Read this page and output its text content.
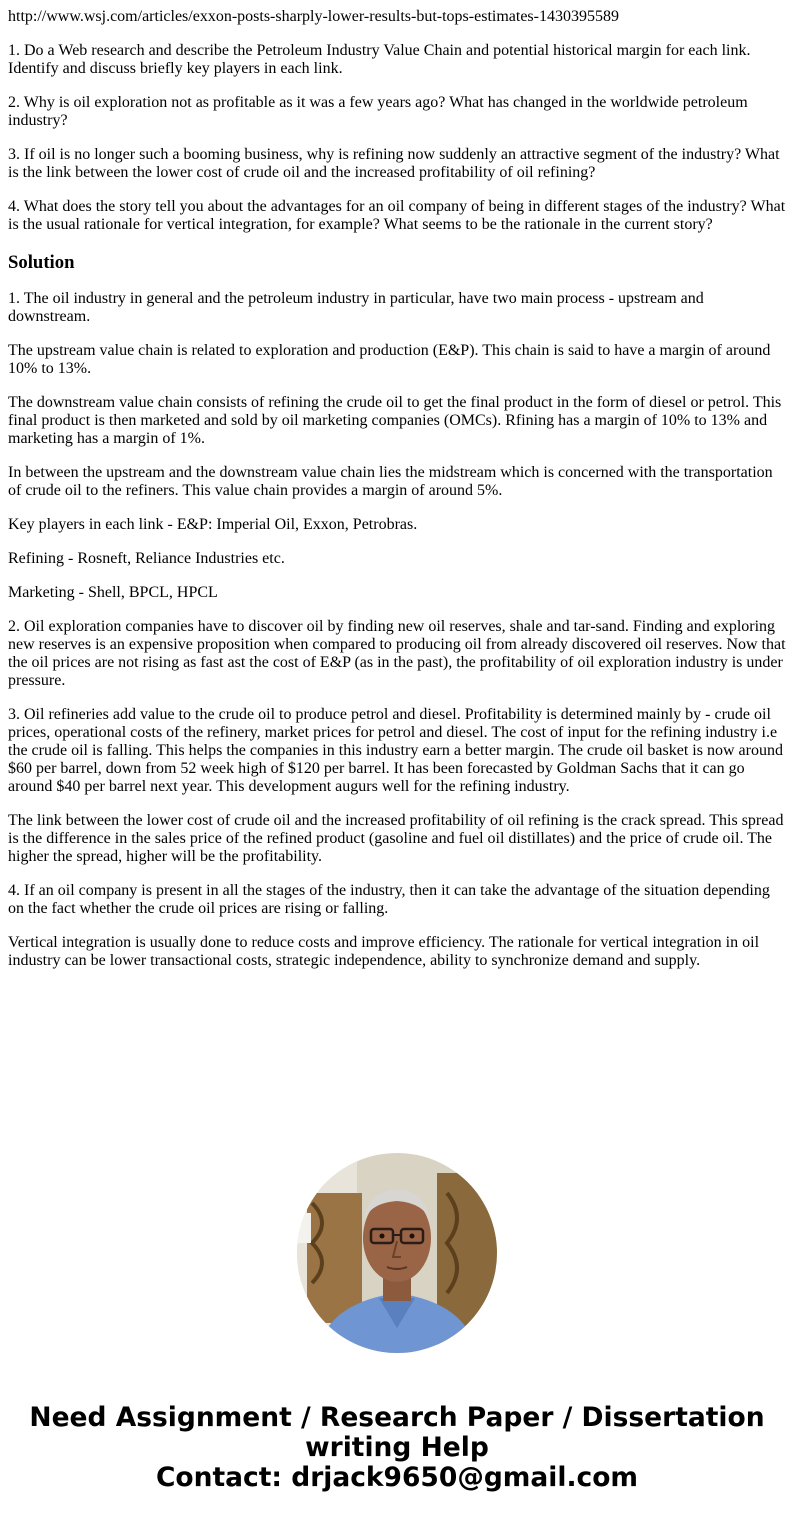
http://www.wsj.com/articles/exxon-posts-sharply-lower-results-but-tops-estimates-1430395589

1. Do a Web research and describe the Petroleum Industry Value Chain and potential historical margin for each link. Identify and discuss briefly key players in each link.

2. Why is oil exploration not as profitable as it was a few years ago? What has changed in the worldwide petroleum industry?

3. If oil is no longer such a booming business, why is refining now suddenly an attractive segment of the industry? What is the link between the lower cost of crude oil and the increased profitability of oil refining?

4. What does the story tell you about the advantages for an oil company of being in different stages of the industry? What is the usual rationale for vertical integration, for example? What seems to be the rationale in the current story?

Solution

1. The oil industry in general and the petroleum industry in particular, have two main process - upstream and downstream.

The upstream value chain is related to exploration and production (E&P). This chain is said to have a margin of around 10% to 13%.

The downstream value chain consists of refining the crude oil to get the final product in the form of diesel or petrol. This final product is then marketed and sold by oil marketing companies (OMCs). Rfining has a margin of 10% to 13% and marketing has a margin of 1%.

In between the upstream and the downstream value chain lies the midstream which is concerned with the transportation of crude oil to the refiners. This value chain provides a margin of around 5%.

Key players in each link - E&P: Imperial Oil, Exxon, Petrobras.

Refining - Rosneft, Reliance Industries etc.

Marketing - Shell, BPCL, HPCL

2. Oil exploration companies have to discover oil by finding new oil reserves, shale and tar-sand. Finding and exploring new reserves is an expensive proposition when compared to producing oil from already discovered oil reserves. Now that the oil prices are not rising as fast ast the cost of E&P (as in the past), the profitability of oil exploration industry is under pressure.

3. Oil refineries add value to the crude oil to produce petrol and diesel. Profitability is determined mainly by - crude oil prices, operational costs of the refinery, market prices for petrol and diesel. The cost of input for the refining industry i.e the crude oil is falling. This helps the companies in this industry earn a better margin. The crude oil basket is now around $60 per barrel, down from 52 week high of $120 per barrel. It has been forecasted by Goldman Sachs that it can go around $40 per barrel next year. This development augurs well for the refining industry.

The link between the lower cost of crude oil and the increased profitability of oil refining is the crack spread. This spread is the difference in the sales price of the refined product (gasoline and fuel oil distillates) and the price of crude oil. The higher the spread, higher will be the profitability.

4. If an oil company is present in all the stages of the industry, then it can take the advantage of the situation depending on the fact whether the crude oil prices are rising or falling.

Vertical integration is usually done to reduce costs and improve efficiency. The rationale for vertical integration in oil industry can be lower transactional costs, strategic independence, ability to synchronize demand and supply.

Need Assignment / Research Paper / Dissertation
writing Help
Contact: drjack9650@gmail.com
